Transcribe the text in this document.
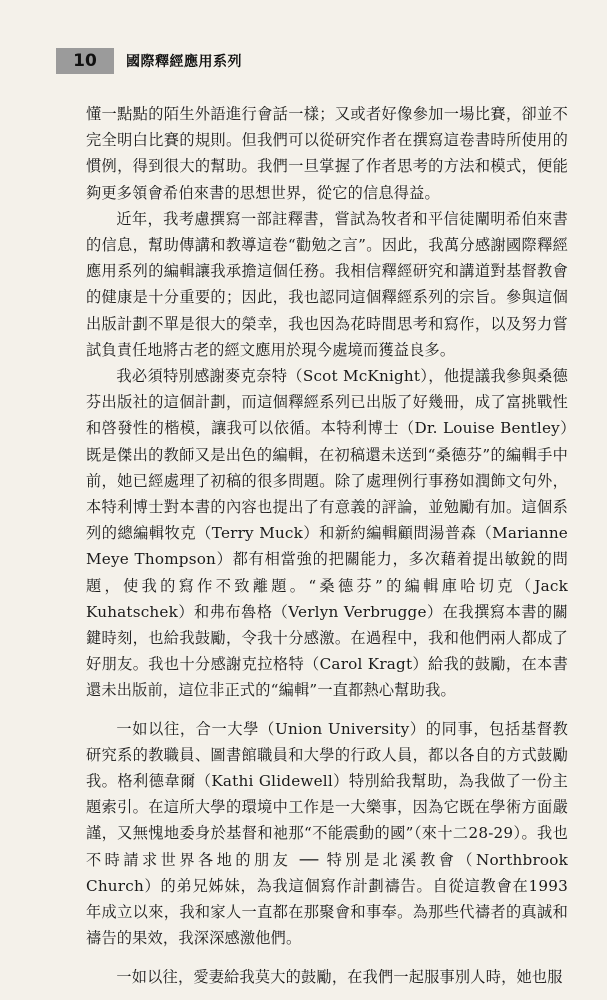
10	國際釋經應用系列

懂一點點的陌生外語進行會話一樣；又或者好像參加一場比賽，卻並不完全明白比賽的規則。但我們可以從研究作者在撰寫這卷書時所使用的慣例，得到很大的幫助。我們一旦掌握了作者思考的方法和模式，便能夠更多領會希伯來書的思想世界，從它的信息得益。

近年，我考慮撰寫一部註釋書，嘗試為牧者和平信徒闡明希伯來書的信息，幫助傳講和教導這卷“勸勉之言”。因此，我萬分感謝國際釋經應用系列的編輯讓我承擔這個任務。我相信釋經研究和講道對基督教會的健康是十分重要的；因此，我也認同這個釋經系列的宗旨。參與這個出版計劃不單是很大的榮幸，我也因為花時間思考和寫作，以及努力嘗試負責任地將古老的經文應用於現今處境而獲益良多。

我必須特別感謝麥克奈特（Scot McKnight），他提議我參與桑德芬出版社的這個計劃，而這個釋經系列已出版了好幾冊，成了富挑戰性和啓發性的楷模，讓我可以依循。本特利博士（Dr. Louise Bentley）既是傑出的教師又是出色的編輯，在初稿還未送到“桑德芬”的編輯手中前，她已經處理了初稿的很多問題。除了處理例行事務如潤飾文句外，本特利博士對本書的內容也提出了有意義的評論，並勉勵有加。這個系列的總編輯牧克（Terry Muck）和新約編輯顧問湯普森（Marianne Meye Thompson）都有相當強的把關能力，多次藉着提出敏銳的問題，使我的寫作不致離題。“桑德芬”的編輯庫哈切克（Jack Kuhatschek）和弗布魯格（Verlyn Verbrugge）在我撰寫本書的關鍵時刻，也給我鼓勵，令我十分感激。在過程中，我和他們兩人都成了好朋友。我也十分感謝克拉格特（Carol Kragt）給我的鼓勵，在本書還未出版前，這位非正式的“編輯”一直都熱心幫助我。

一如以往，合一大學（Union University）的同事，包括基督教研究系的教職員、圖書館職員和大學的行政人員，都以各自的方式鼓勵我。格利德韋爾（Kathi Glidewell）特別給我幫助，為我做了一份主題索引。在這所大學的環境中工作是一大樂事，因為它既在學術方面嚴謹，又無愧地委身於基督和祂那“不能震動的國”（來十二28-29）。我也不時請求世界各地的朋友 ── 特別是北溪教會（Northbrook Church）的弟兄姊妹，為我這個寫作計劃禱告。自從這教會在1993年成立以來，我和家人一直都在那聚會和事奉。為那些代禱者的真誠和禱告的果效，我深深感激他們。

一如以往，愛妻給我莫大的鼓勵，在我們一起服事別人時，她也服
